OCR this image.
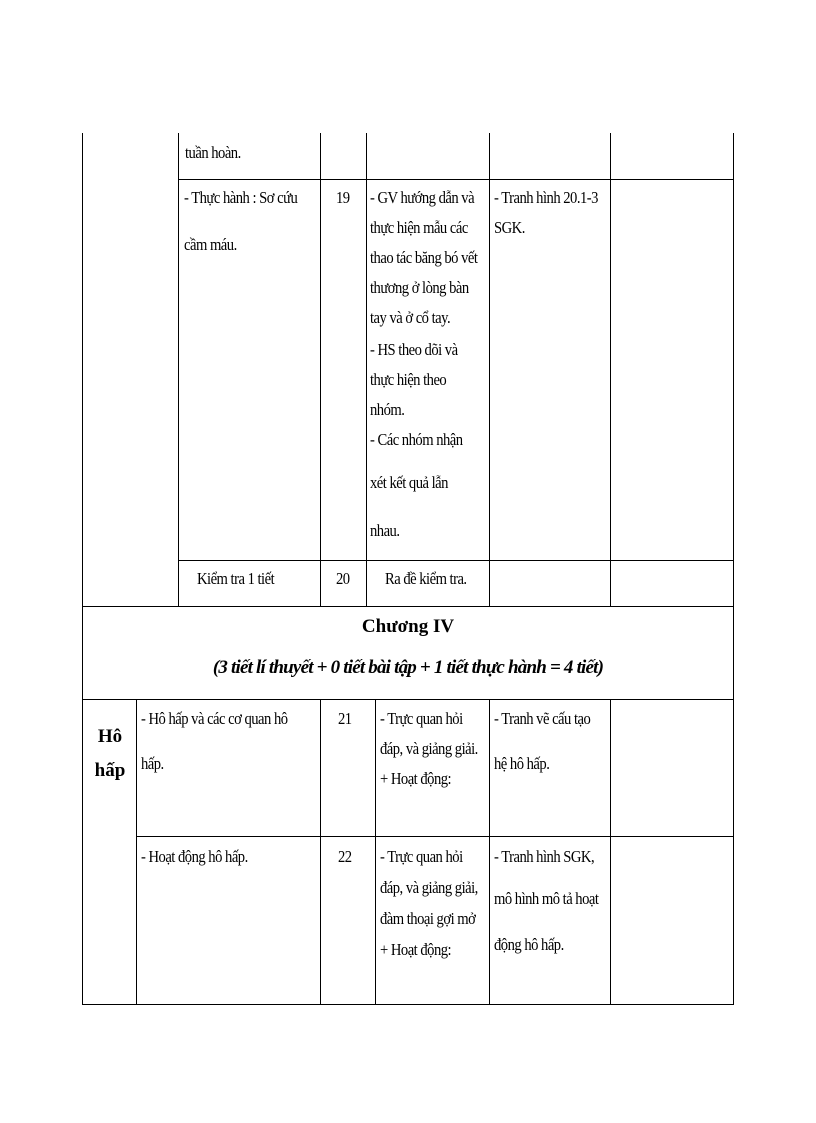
tuần hoàn.
- Thực hành : Sơ cứu
cầm máu.
19 - GV hướng dẫn và
thực hiện mẫu các
thao tác băng bó vết
thương ở lòng bàn
tay và ở cổ tay.
- HS theo dõi và
thực hiện theo
nhóm.
- Các nhóm nhận
xét kết quả lẫn
nhau.
- Tranh hình 20.1-3
SGK.
Kiểm tra 1 tiết	20 Ra đề kiểm tra.
Chương IV
(3 tiết lí thuyết + 0 tiết bài tập + 1 tiết thực hành = 4 tiết)
Hô
hấp
- Hô hấp và các cơ quan hô
hấp.
21 - Trực quan hỏi
đáp, và giảng giải.
+ Hoạt động:
- Tranh vẽ cấu tạo
hệ hô hấp.
- Hoạt động hô hấp.	22 - Trực quan hỏi
đáp, và giảng giải,
đàm thoại gợi mở
+ Hoạt động:
- Tranh hình SGK,
mô hình mô tả hoạt
động hô hấp.
